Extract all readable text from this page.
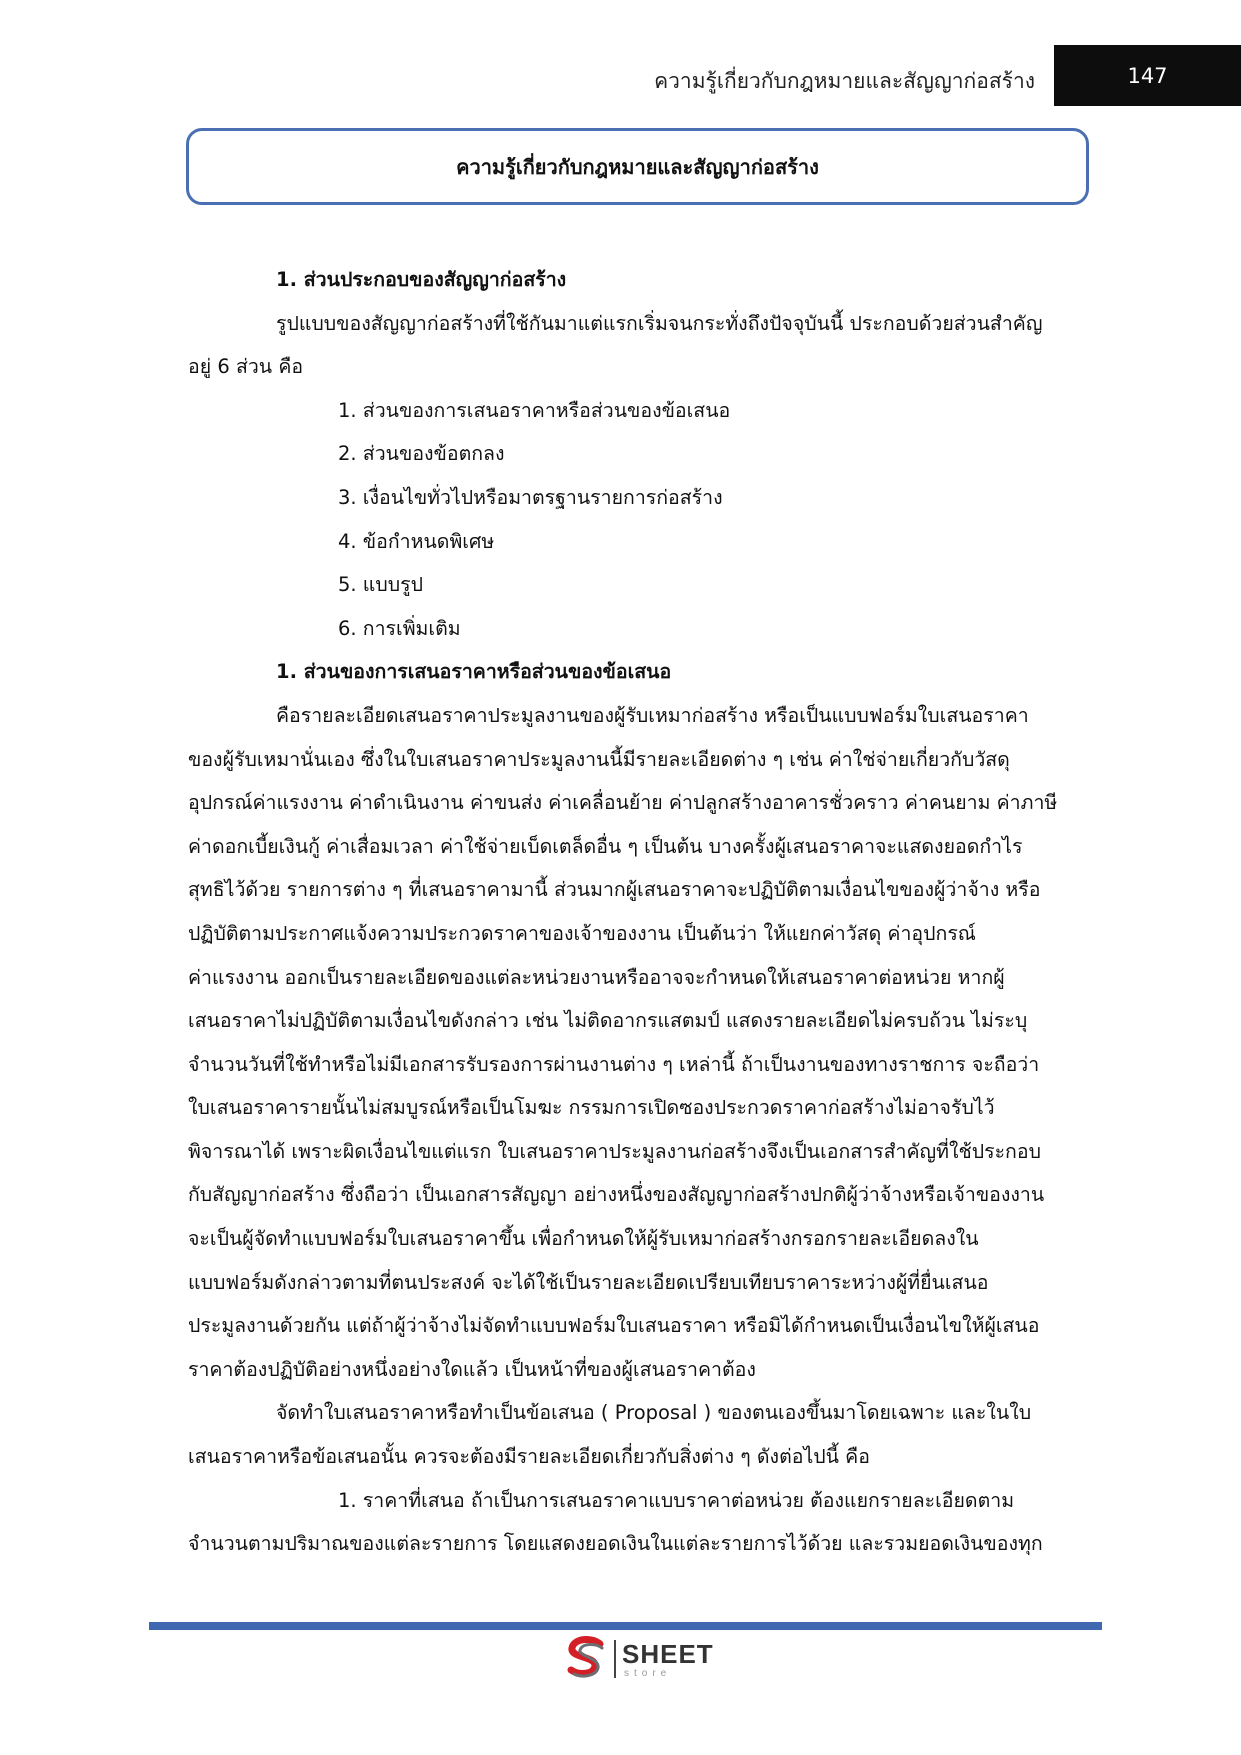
ความรู้เกี่ยวกับกฎหมายและสัญญาก่อสร้าง	147
ความรู้เกี่ยวกับกฎหมายและสัญญาก่อสร้าง

1. ส่วนประกอบของสัญญาก่อสร้าง

รูปแบบของสัญญาก่อสร้างที่ใช้กันมาแต่แรกเริ่มจนกระทั่งถึงปัจจุบันนี้ ประกอบด้วยส่วนสำคัญ

อยู่ 6 ส่วน คือ

1. ส่วนของการเสนอราคาหรือส่วนของข้อเสนอ

2. ส่วนของข้อตกลง

3. เงื่อนไขทั่วไปหรือมาตรฐานรายการก่อสร้าง

4. ข้อกำหนดพิเศษ

5. แบบรูป

6. การเพิ่มเติม

1. ส่วนของการเสนอราคาหรือส่วนของข้อเสนอ

คือรายละเอียดเสนอราคาประมูลงานของผู้รับเหมาก่อสร้าง หรือเป็นแบบฟอร์มใบเสนอราคา

ของผู้รับเหมานั่นเอง ซึ่งในใบเสนอราคาประมูลงานนี้มีรายละเอียดต่าง ๆ เช่น ค่าใช่จ่ายเกี่ยวกับวัสดุ

อุปกรณ์ค่าแรงงาน ค่าดำเนินงาน ค่าขนส่ง ค่าเคลื่อนย้าย ค่าปลูกสร้างอาคารชั่วคราว ค่าคนยาม ค่าภาษี

ค่าดอกเบี้ยเงินกู้ ค่าเสื่อมเวลา ค่าใช้จ่ายเบ็ดเตล็ดอื่น ๆ เป็นต้น บางครั้งผู้เสนอราคาจะแสดงยอดกำไร

สุทธิไว้ด้วย รายการต่าง ๆ ที่เสนอราคามานี้ ส่วนมากผู้เสนอราคาจะปฏิบัติตามเงื่อนไขของผู้ว่าจ้าง หรือ

ปฏิบัติตามประกาศแจ้งความประกวดราคาของเจ้าของงาน เป็นต้นว่า ให้แยกค่าวัสดุ ค่าอุปกรณ์

ค่าแรงงาน ออกเป็นรายละเอียดของแต่ละหน่วยงานหรืออาจจะกำหนดให้เสนอราคาต่อหน่วย หากผู้

เสนอราคาไม่ปฏิบัติตามเงื่อนไขดังกล่าว เช่น ไม่ติดอากรแสตมป์ แสดงรายละเอียดไม่ครบถ้วน ไม่ระบุ

จำนวนวันที่ใช้ทำหรือไม่มีเอกสารรับรองการผ่านงานต่าง ๆ เหล่านี้ ถ้าเป็นงานของทางราชการ จะถือว่า

ใบเสนอราคารายนั้นไม่สมบูรณ์หรือเป็นโมฆะ กรรมการเปิดซองประกวดราคาก่อสร้างไม่อาจรับไว้

พิจารณาได้ เพราะผิดเงื่อนไขแต่แรก ใบเสนอราคาประมูลงานก่อสร้างจึงเป็นเอกสารสำคัญที่ใช้ประกอบ

กับสัญญาก่อสร้าง ซึ่งถือว่า เป็นเอกสารสัญญา อย่างหนึ่งของสัญญาก่อสร้างปกติผู้ว่าจ้างหรือเจ้าของงาน

จะเป็นผู้จัดทำแบบฟอร์มใบเสนอราคาขึ้น เพื่อกำหนดให้ผู้รับเหมาก่อสร้างกรอกรายละเอียดลงใน

แบบฟอร์มดังกล่าวตามที่ตนประสงค์ จะได้ใช้เป็นรายละเอียดเปรียบเทียบราคาระหว่างผู้ที่ยื่นเสนอ

ประมูลงานด้วยกัน แต่ถ้าผู้ว่าจ้างไม่จัดทำแบบฟอร์มใบเสนอราคา หรือมิได้กำหนดเป็นเงื่อนไขให้ผู้เสนอ

ราคาต้องปฏิบัติอย่างหนึ่งอย่างใดแล้ว เป็นหน้าที่ของผู้เสนอราคาต้อง

จัดทำใบเสนอราคาหรือทำเป็นข้อเสนอ ( Proposal ) ของตนเองขึ้นมาโดยเฉพาะ และในใบ

เสนอราคาหรือข้อเสนอนั้น ควรจะต้องมีรายละเอียดเกี่ยวกับสิ่งต่าง ๆ ดังต่อไปนี้ คือ

1. ราคาที่เสนอ ถ้าเป็นการเสนอราคาแบบราคาต่อหน่วย ต้องแยกรายละเอียดตาม

จำนวนตามปริมาณของแต่ละรายการ โดยแสดงยอดเงินในแต่ละรายการไว้ด้วย และรวมยอดเงินของทุก

SHEET
store
